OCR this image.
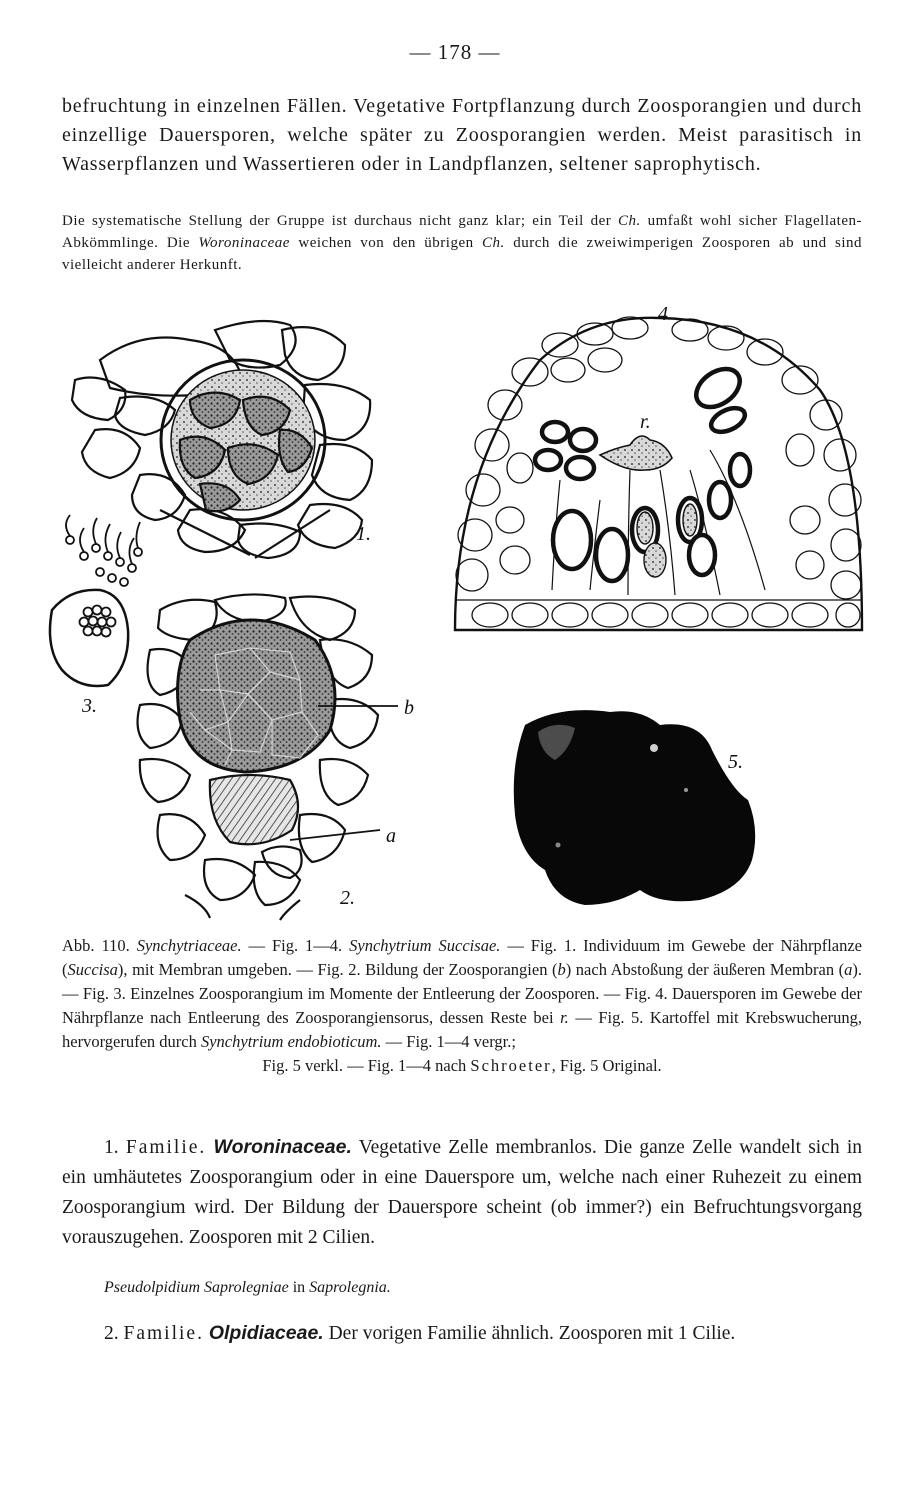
— 178 —

befruchtung in einzelnen Fällen. Vegetative Fortpflanzung durch Zoosporangien und durch einzellige Dauersporen, welche später zu Zoosporangien werden. Meist parasitisch in Wasserpflanzen und Wassertieren oder in Landpflanzen, seltener saprophytisch.

Die systematische Stellung der Gruppe ist durchaus nicht ganz klar; ein Teil der Ch. umfaßt wohl sicher Flagellaten-Abkömmlinge. Die Woroninaceae weichen von den übrigen Ch. durch die zweiwimperigen Zoosporen ab und sind vielleicht anderer Herkunft.

1.
3.	b
a
2.
4
r.
5.

Abb. 110. Synchytriaceae. — Fig. 1—4. Synchytrium Succisae. — Fig. 1. Individuum im Gewebe der Nährpflanze (Succisa), mit Membran umgeben. — Fig. 2. Bildung der Zoosporangien (b) nach Abstoßung der äußeren Membran (a). — Fig. 3. Einzelnes Zoosporangium im Momente der Entleerung der Zoosporen. — Fig. 4. Dauersporen im Gewebe der Nährpflanze nach Entleerung des Zoosporangiensorus, dessen Reste bei r. — Fig. 5. Kartoffel mit Krebswucherung, hervorgerufen durch Synchytrium endobioticum. — Fig. 1—4 vergr.;
Fig. 5 verkl. — Fig. 1—4 nach Schroeter, Fig. 5 Original.

1. Familie. Woroninaceae. Vegetative Zelle membranlos. Die ganze Zelle wandelt sich in ein umhäutetes Zoosporangium oder in eine Dauerspore um, welche nach einer Ruhezeit zu einem Zoosporangium wird. Der Bildung der Dauerspore scheint (ob immer?) ein Befruchtungsvorgang vorauszugehen. Zoosporen mit 2 Cilien.

Pseudolpidium Saprolegniae in Saprolegnia.

2. Familie. Olpidiaceae. Der vorigen Familie ähnlich. Zoosporen mit 1 Cilie.
